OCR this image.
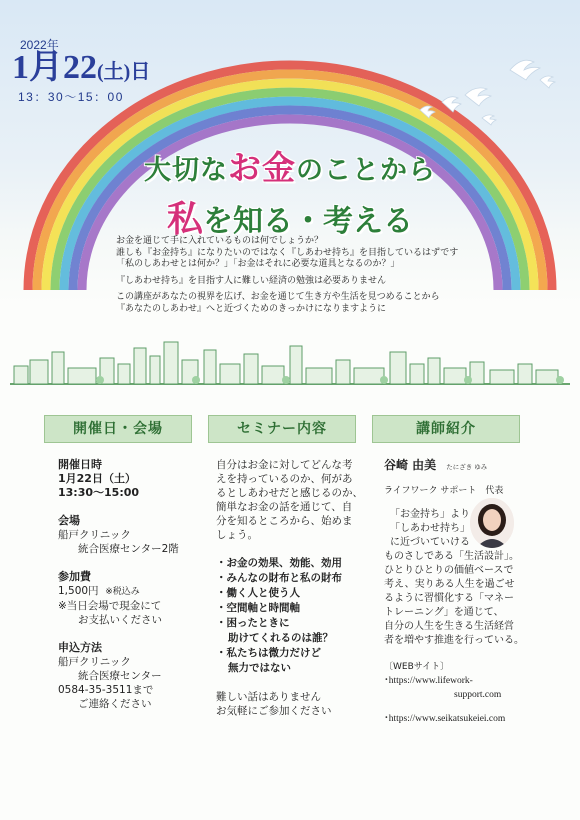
2022年
1月22(土)日
13：30〜15：00
大切なお金のことから
私を知る・考える

お金を通じて手に入れているものは何でしょうか？

誰しも『お金持ち』になりたいのではなく『しあわせ持ち』を目指しているはずです

「私のしあわせとは何か？」「お金はそれに必要な道具となるのか？」

『しあわせ持ち』を目指す人に難しい経済の勉強は必要ありません

この講座があなたの視界を広げ、お金を通じて生き方や生活を見つめることから

『あなたのしあわせ』へと近づくためのきっかけになりますように

開催日・会場	セミナー内容	講師紹介
開催日時
1月22日（土）
13:30〜15:00
会場
船戸クリニック
統合医療センター2階
参加費
1,500円 ※税込み
※当日会場で現金にて
お支払いください
申込方法
船戸クリニック
統合医療センター
0584-35-3511まで
ご連絡ください
自分はお金に対してどんな考
えを持っているのか、何があ
るとしあわせだと感じるのか、
簡単なお金の話を通じて、自
分を知るところから、始めま
しょう。
・お金の効果、効能、効用
・みんなの財布と私の財布
・働く人と使う人
・空間軸と時間軸
・困ったときに
助けてくれるのは誰？
・私たちは微力だけど
無力ではない
難しい話はありません
お気軽にご参加ください
谷崎 由美 たにざき ゆみ
ライフワーク サポート　代表
「お金持ち」より
「しあわせ持ち」
に近づいていける
ものさしである「生活設計」。
ひとりひとりの価値ベースで
考え、実りある人生を過ごせ
るように習慣化する「マネー
トレーニング」を通じて、
自分の人生を生きる生活経営
者を増やす推進を行っている。
〔WEBサイト〕
･https://www.lifework-
support.com
･https://www.seikatsukeiei.com
